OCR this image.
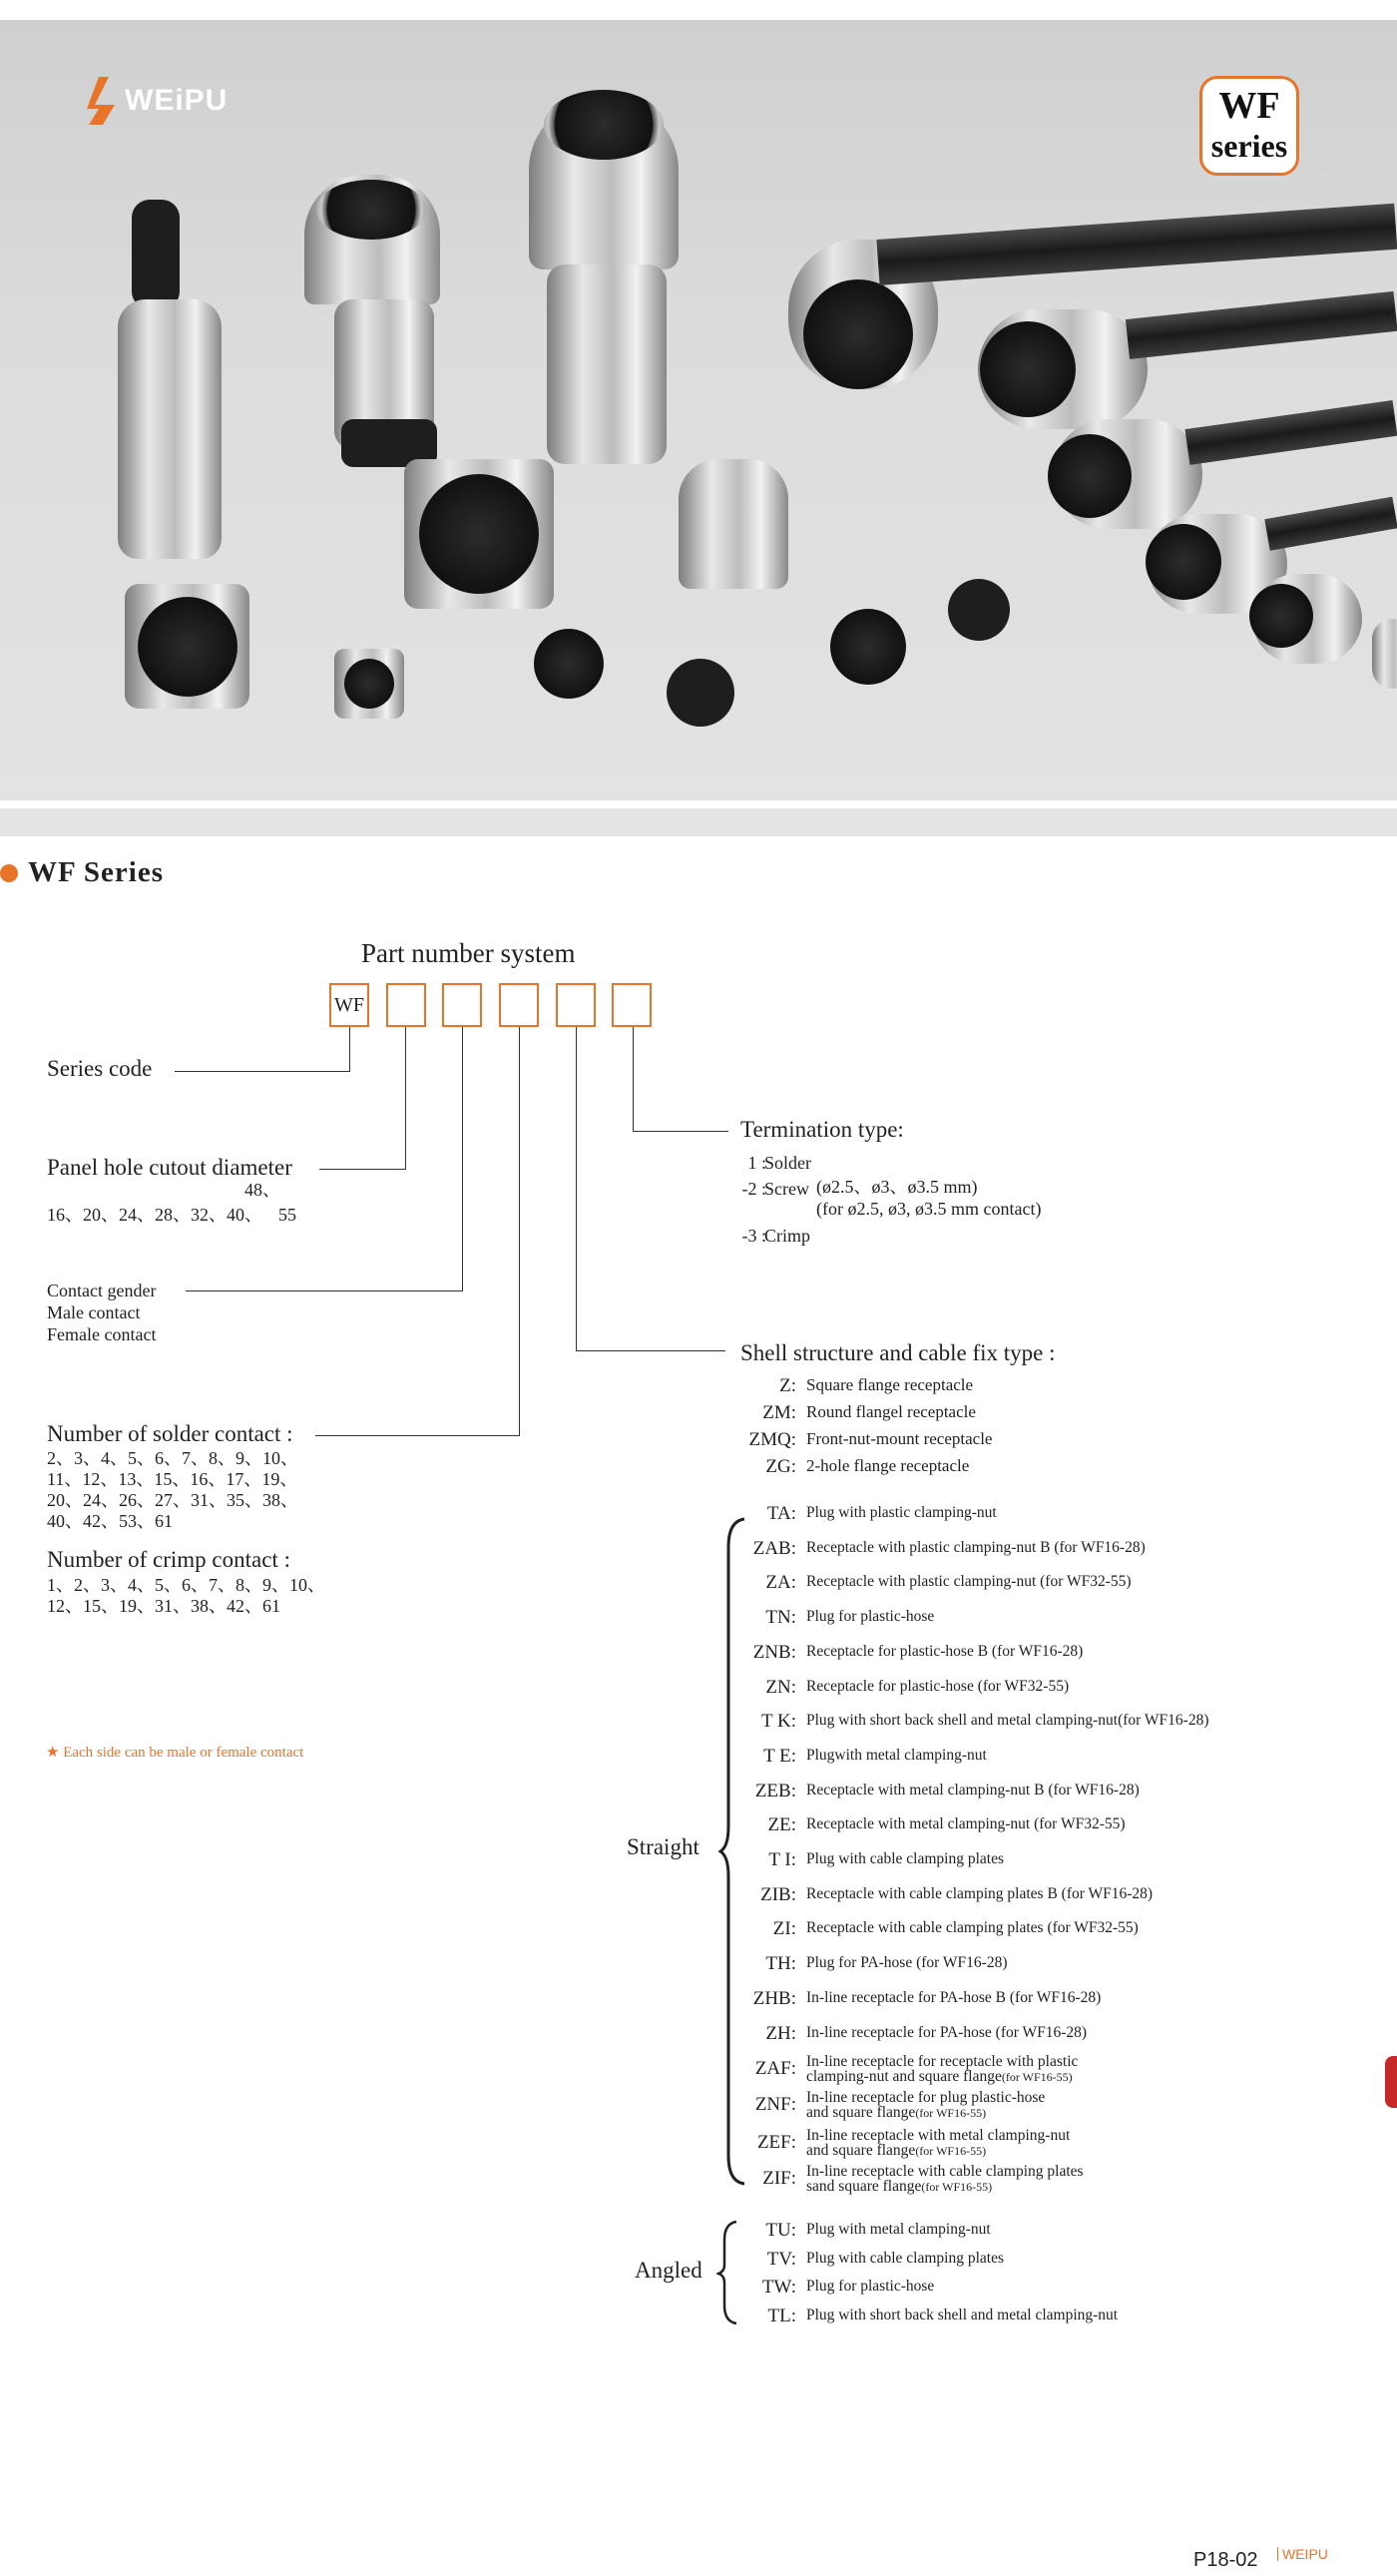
WEiPU	WF
series
WF Series
Part number system
WF
Series code
Panel hole cutout diameter
48、
16、20、24、28、32、40、 55
Contact gender
Male contact
Female contact
Number of solder contact :
2、3、4、5、6、7、8、9、10、
11、12、13、15、16、17、19、
20、24、26、27、31、35、38、
40、42、53、61
Number of crimp contact :
1、2、3、4、5、6、7、8、9、10、
12、15、19、31、38、42、61
★ Each side can be male or female contact
Termination type:
1 :
Solder
-2 :
Screw (ø2.5、ø3、ø3.5 mm)
(for ø2.5, ø3, ø3.5 mm contact)
-3 :
Crimp
Shell structure and cable fix type :
Z: Square flange receptacle
ZM: Round flangel receptacle
ZMQ: Front-nut-mount receptacle
ZG: 2-hole flange receptacle
TA: Plug with plastic clamping-nut
ZAB: Receptacle with plastic clamping-nut B (for WF16-28)
ZA: Receptacle with plastic clamping-nut (for WF32-55)
TN: Plug for plastic-hose
ZNB: Receptacle for plastic-hose B (for WF16-28)
ZN: Receptacle for plastic-hose (for WF32-55)
T K: Plug with short back shell and metal clamping-nut(for WF16-28)
T E: Plugwith metal clamping-nut
ZEB: Receptacle with metal clamping-nut B (for WF16-28)
ZE: Receptacle with metal clamping-nut (for WF32-55)
T I: Plug with cable clamping plates
ZIB: Receptacle with cable clamping plates B (for WF16-28)
ZI: Receptacle with cable clamping plates (for WF32-55)
TH: Plug for PA-hose (for WF16-28)
ZHB: In-line receptacle for PA-hose B (for WF16-28)
ZH: In-line receptacle for PA-hose (for WF16-28)
ZAF: In-line receptacle for receptacle with plastic
clamping-nut and square flange(for WF16-55)
ZNF: In-line receptacle for plug plastic-hose
and square flange(for WF16-55)
ZEF: In-line receptacle with metal clamping-nut
and square flange(for WF16-55)
ZIF: In-line receptacle with cable clamping plates
sand square flange(for WF16-55)
TU: Plug with metal clamping-nut
TV: Plug with cable clamping plates
TW: Plug for plastic-hose
TL: Plug with short back shell and metal clamping-nut
Straight
Angled
P18-02	WEIPU
